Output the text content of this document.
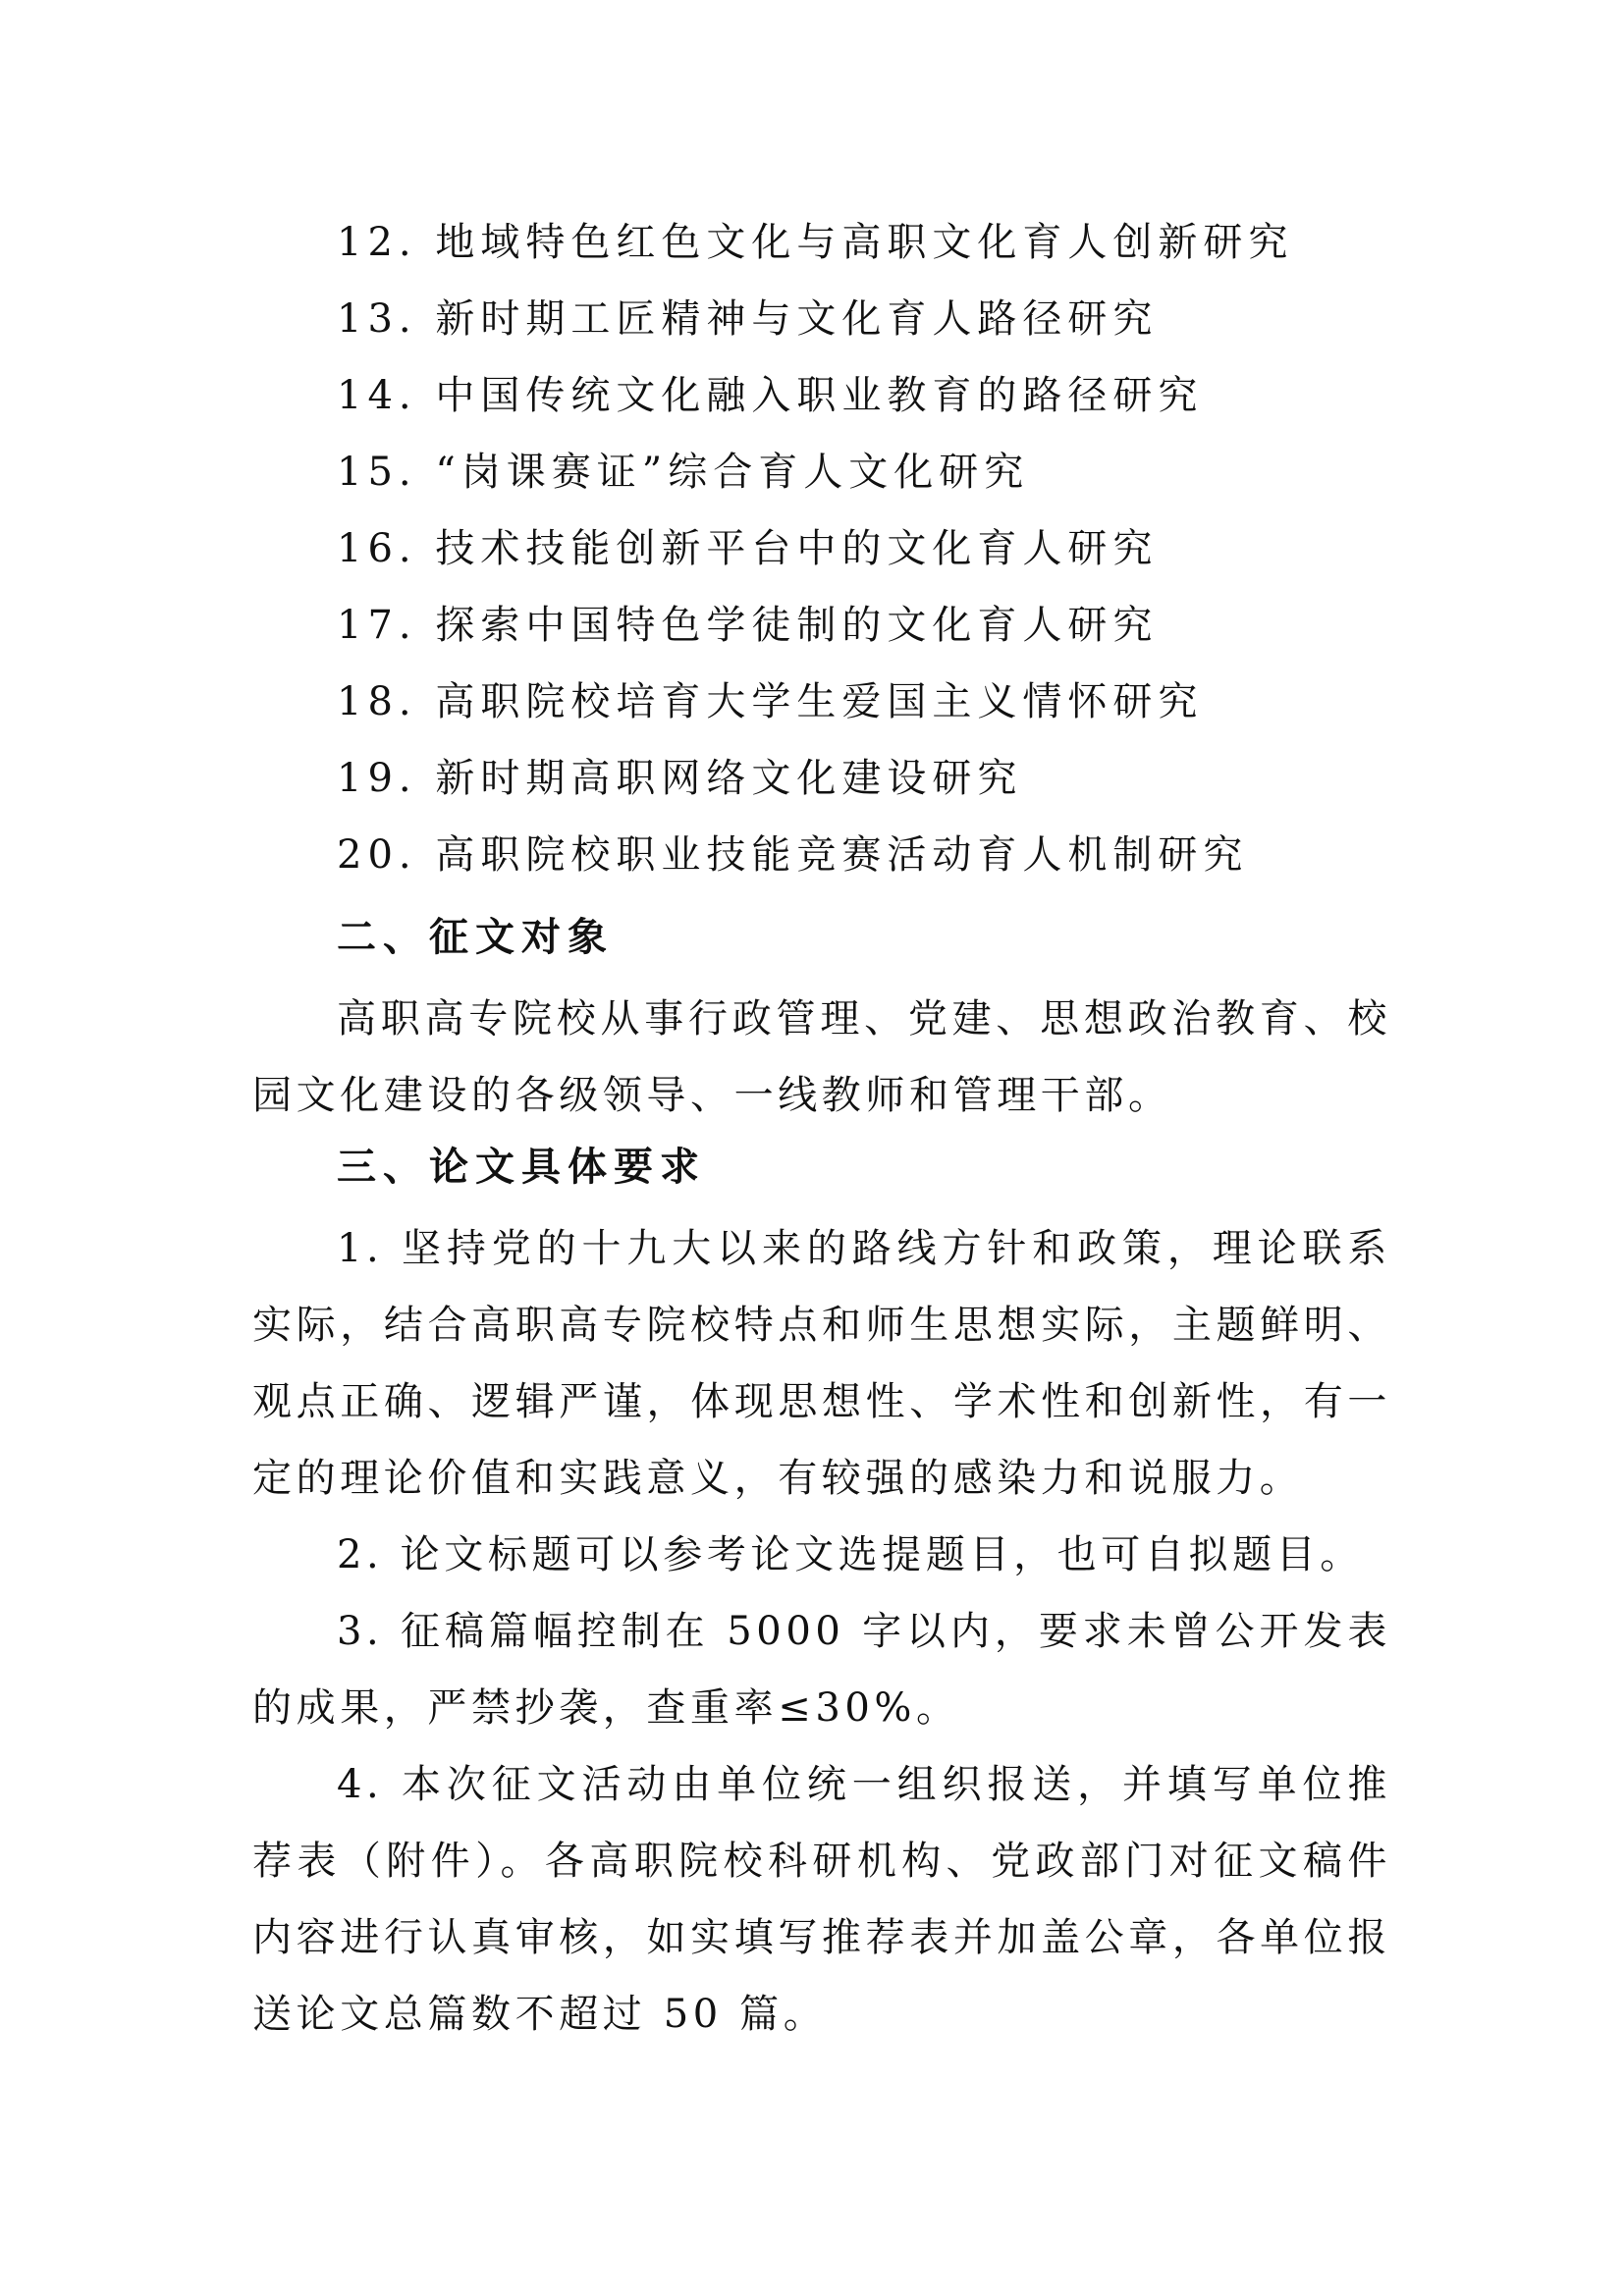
12. 地域特色红色文化与高职文化育人创新研究
13. 新时期工匠精神与文化育人路径研究
14. 中国传统文化融入职业教育的路径研究
15. “岗课赛证”综合育人文化研究
16. 技术技能创新平台中的文化育人研究
17. 探索中国特色学徒制的文化育人研究
18. 高职院校培育大学生爱国主义情怀研究
19. 新时期高职网络文化建设研究
20. 高职院校职业技能竞赛活动育人机制研究
二、征文对象

高职高专院校从事行政管理、党建、思想政治教育、校园文化建设的各级领导、一线教师和管理干部。

三、论文具体要求

1. 坚持党的十九大以来的路线方针和政策，理论联系实际，结合高职高专院校特点和师生思想实际，主题鲜明、观点正确、逻辑严谨，体现思想性、学术性和创新性，有一定的理论价值和实践意义，有较强的感染力和说服力。

2. 论文标题可以参考论文选提题目，也可自拟题目。

3. 征稿篇幅控制在 5000 字以内，要求未曾公开发表的成果，严禁抄袭，查重率≤30%。

4. 本次征文活动由单位统一组织报送，并填写单位推荐表（附件）。各高职院校科研机构、党政部门对征文稿件内容进行认真审核，如实填写推荐表并加盖公章，各单位报送论文总篇数不超过 50 篇。
